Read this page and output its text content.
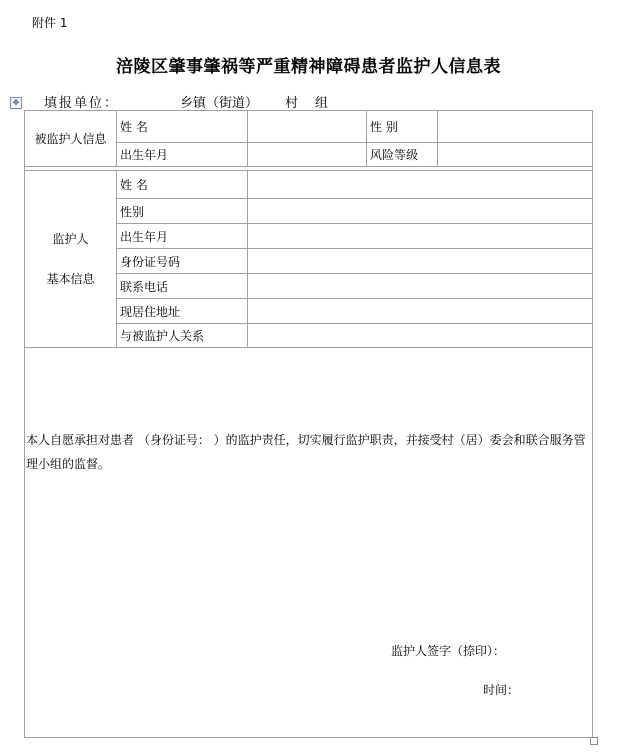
附件 1
涪陵区肇事肇祸等严重精神障碍患者监护人信息表
✥ 填报单位：	乡镇（街道） 村 组
被监护人信息	姓 名		性 别	
	出生年月		风险等级	

监护人
基本信息	姓 名			
	性别			
	出生年月			
	身份证号码			
	联系电话			
	现居住地址			
	与被监护人关系			

本人自愿承担对患者 （身份证号： ）的监护责任，切实履行监护职责，并接受村（居）委会和联合服务管理小组的监督。
监护人签字（捺印）：
时间：				
